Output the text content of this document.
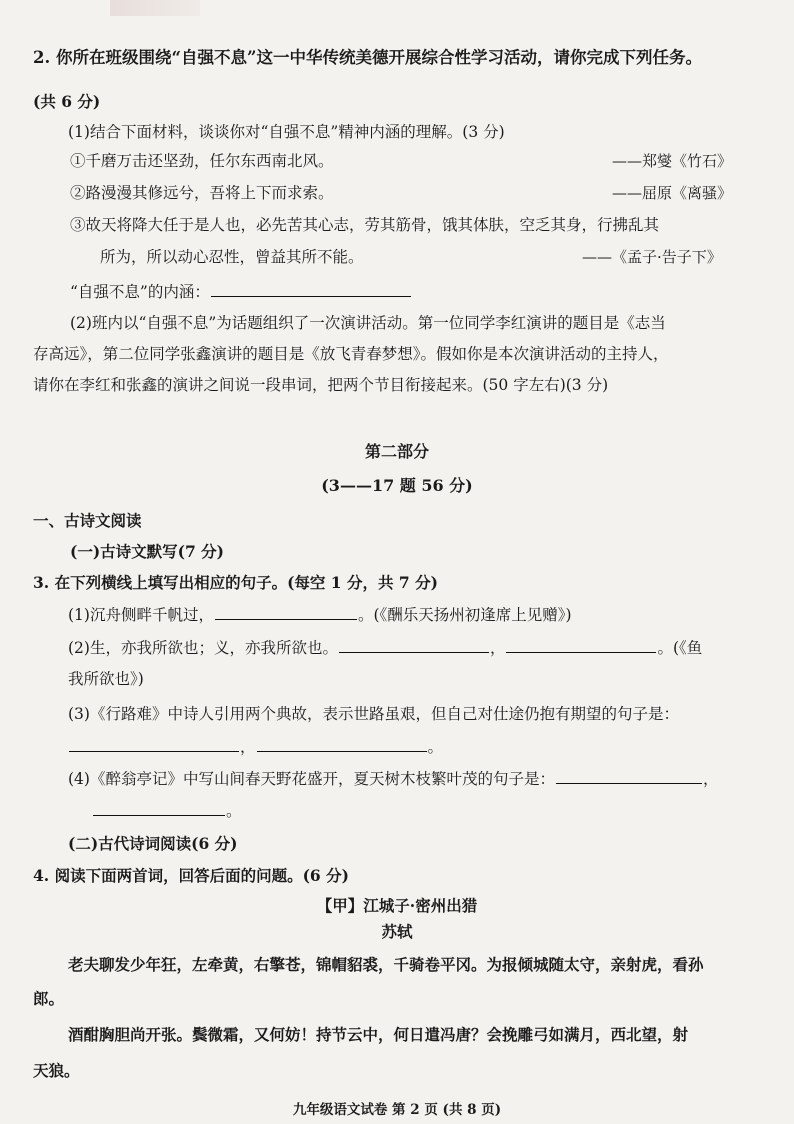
2. 你所在班级围绕“自强不息”这一中华传统美德开展综合性学习活动，请你完成下列任务。
(共 6 分)
(1)结合下面材料，谈谈你对“自强不息”精神内涵的理解。(3 分)
①千磨万击还坚劲，任尔东西南北风。	——郑燮《竹石》
②路漫漫其修远兮，吾将上下而求索。	——屈原《离骚》
③故天将降大任于是人也，必先苦其心志，劳其筋骨，饿其体肤，空乏其身，行拂乱其
所为，所以动心忍性，曾益其所不能。	——《孟子·告子下》
“自强不息”的内涵：
(2)班内以“自强不息”为话题组织了一次演讲活动。第一位同学李红演讲的题目是《志当
存高远》，第二位同学张鑫演讲的题目是《放飞青春梦想》。假如你是本次演讲活动的主持人，
请你在李红和张鑫的演讲之间说一段串词，把两个节目衔接起来。(50 字左右)(3 分)
第二部分
(3——17 题 56 分)
一、古诗文阅读
(一)古诗文默写(7 分)
3. 在下列横线上填写出相应的句子。(每空 1 分，共 7 分)
(1)沉舟侧畔千帆过，	。(《酬乐天扬州初逢席上见赠》)
(2)生，亦我所欲也；义，亦我所欲也。	，	。(《鱼
我所欲也》)
(3)《行路难》中诗人引用两个典故，表示世路虽艰，但自己对仕途仍抱有期望的句子是：
，	。
(4)《醉翁亭记》中写山间春天野花盛开，夏天树木枝繁叶茂的句子是：	，
。
(二)古代诗词阅读(6 分)
4. 阅读下面两首词，回答后面的问题。(6 分)
【甲】江城子·密州出猎
苏轼
老夫聊发少年狂，左牵黄，右擎苍，锦帽貂裘，千骑卷平冈。为报倾城随太守，亲射虎，看孙
郎。
酒酣胸胆尚开张。鬓微霜，又何妨！持节云中，何日遣冯唐？会挽雕弓如满月，西北望，射
天狼。
九年级语文试卷 第 2 页 (共 8 页)
